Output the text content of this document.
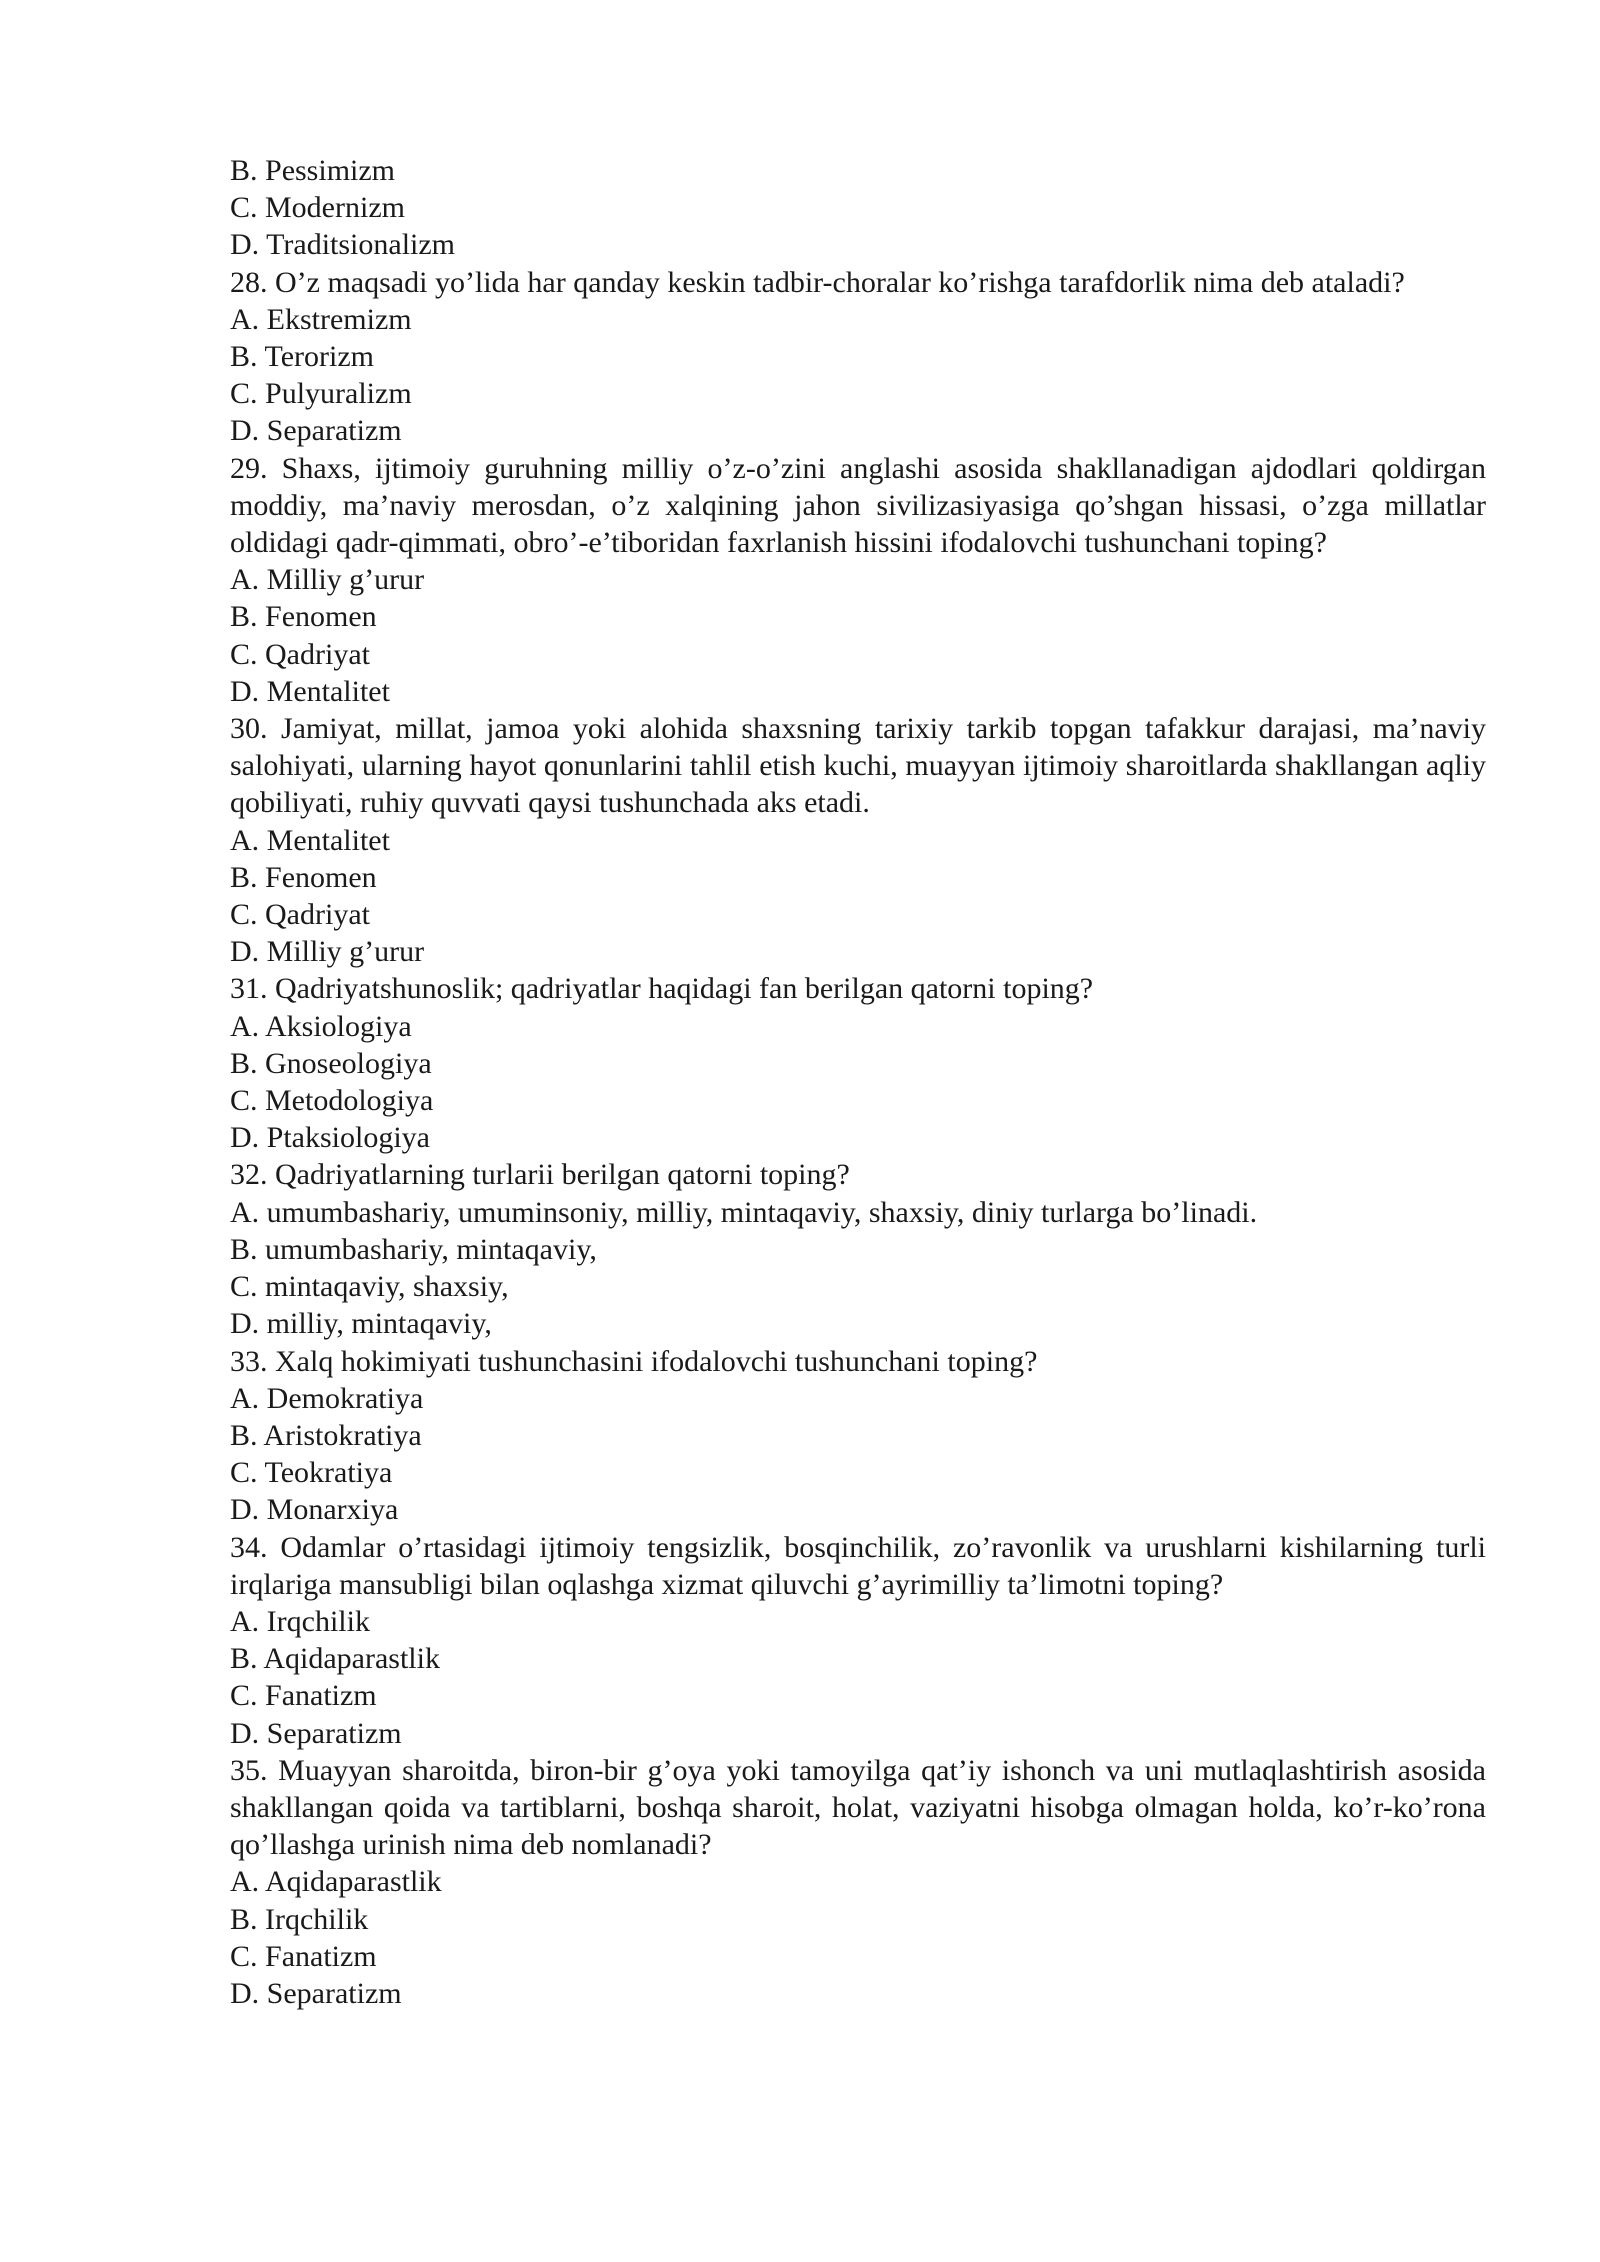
B. Pessimizm
C. Modernizm
D. Traditsionalizm
28. O’z maqsadi yo’lida har qanday keskin tadbir-choralar ko’rishga tarafdorlik nima deb ataladi?
A. Ekstremizm
B. Terorizm
C. Pulyuralizm
D. Separatizm
29. Shaxs, ijtimoiy guruhning milliy o’z-o’zini anglashi asosida shakllanadigan ajdodlari qoldirgan moddiy, ma’naviy merosdan, o’z xalqining jahon sivilizasiyasiga qo’shgan hissasi, o’zga millatlar oldidagi qadr-qimmati, obro’-e’tiboridan faxrlanish hissini ifodalovchi tushunchani toping?
A. Milliy g’urur
B. Fenomen
C. Qadriyat
D. Mentalitet
30. Jamiyat, millat, jamoa yoki alohida shaxsning tarixiy tarkib topgan tafakkur darajasi, ma’naviy salohiyati, ularning hayot qonunlarini tahlil etish kuchi, muayyan ijtimoiy sharoitlarda shakllangan aqliy qobiliyati, ruhiy quvvati qaysi tushunchada aks etadi.
A. Mentalitet
B. Fenomen
C. Qadriyat
D. Milliy g’urur
31. Qadriyatshunoslik; qadriyatlar haqidagi fan berilgan qatorni toping?
A. Aksiologiya
B. Gnoseologiya
C. Metodologiya
D. Ptaksiologiya
32. Qadriyatlarning turlarii berilgan qatorni toping?
A. umumbashariy, umuminsoniy, milliy, mintaqaviy, shaxsiy, diniy turlarga bo’linadi.
B. umumbashariy, mintaqaviy,
C. mintaqaviy, shaxsiy,
D. milliy, mintaqaviy,
33. Xalq hokimiyati tushunchasini ifodalovchi tushunchani toping?
A. Demokratiya
B. Aristokratiya
C. Teokratiya
D. Monarxiya
34. Odamlar o’rtasidagi ijtimoiy tengsizlik, bosqinchilik, zo’ravonlik va urushlarni kishilarning turli irqlariga mansubligi bilan oqlashga xizmat qiluvchi g’ayrimilliy ta’limotni toping?
A. Irqchilik
B. Aqidaparastlik
C. Fanatizm
D. Separatizm
35. Muayyan sharoitda, biron-bir g’oya yoki tamoyilga qat’iy ishonch va uni mutlaqlashtirish asosida shakllangan qoida va tartiblarni, boshqa sharoit, holat, vaziyatni hisobga olmagan holda, ko’r-ko’rona qo’llashga urinish nima deb nomlanadi?
A. Aqidaparastlik
B. Irqchilik
C. Fanatizm
D. Separatizm
